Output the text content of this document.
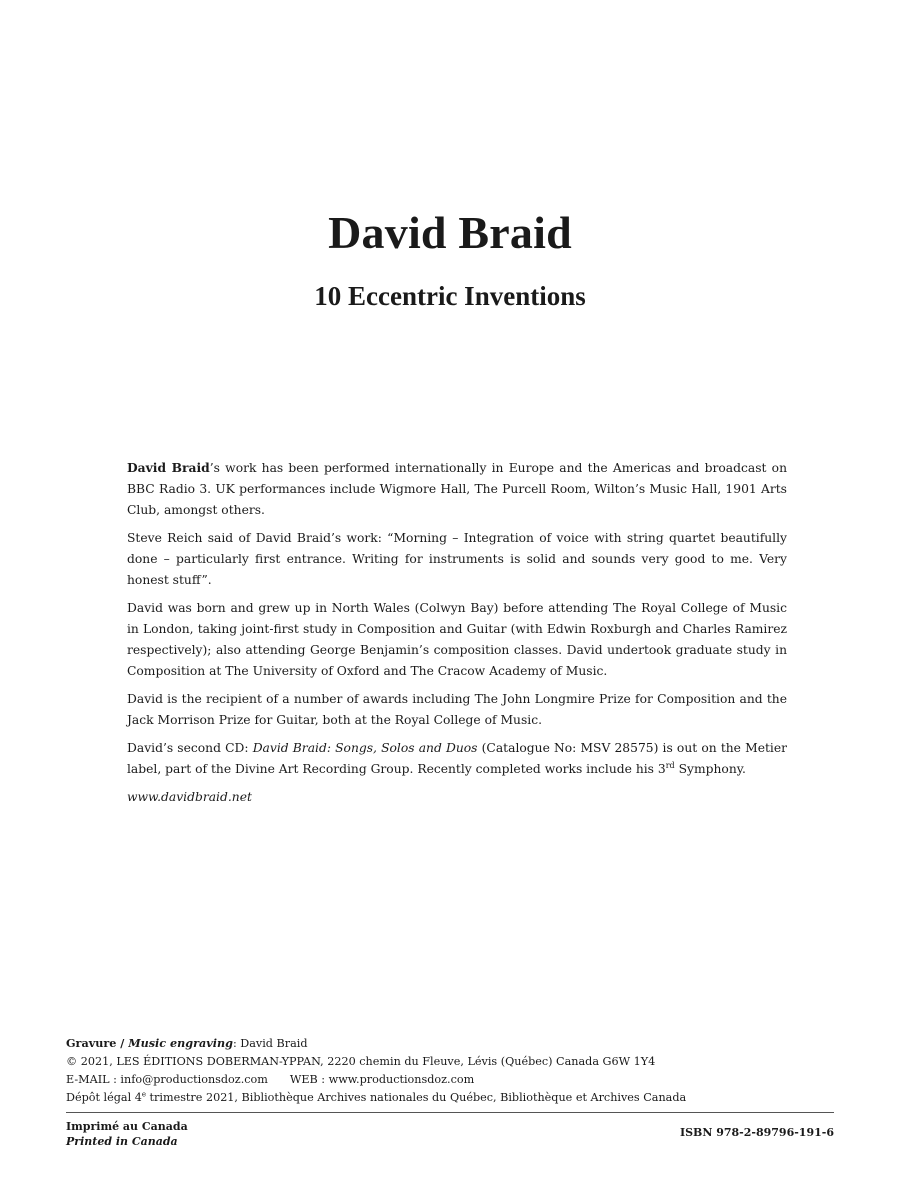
David Braid
10 Eccentric Inventions

David Braid’s work has been performed internationally in Europe and the Americas and broadcast on BBC Radio 3. UK performances include Wigmore Hall, The Purcell Room, Wilton’s Music Hall, 1901 Arts Club, amongst others.

Steve Reich said of David Braid’s work: “Morning – Integration of voice with string quartet beautifully done – particularly first entrance. Writing for instruments is solid and sounds very good to me. Very honest stuff”.

David was born and grew up in North Wales (Colwyn Bay) before attending The Royal College of Music in London, taking joint-first study in Composition and Guitar (with Edwin Roxburgh and Charles Ramirez respectively); also attending George Benjamin’s composition classes. David undertook graduate study in Composition at The University of Oxford and The Cracow Academy of Music.

David is the recipient of a number of awards including The John Longmire Prize for Composition and the Jack Morrison Prize for Guitar, both at the Royal College of Music.

David’s second CD: David Braid: Songs, Solos and Duos (Catalogue No: MSV 28575) is out on the Metier label, part of the Divine Art Recording Group. Recently completed works include his 3rd Symphony.

www.davidbraid.net

Gravure / Music engraving: David Braid
© 2021, LES ÉDITIONS DOBERMAN-YPPAN, 2220 chemin du Fleuve, Lévis (Québec) Canada G6W 1Y4
E-MAIL : info@productionsdoz.com WEB : www.productionsdoz.com
Dépôt légal 4e trimestre 2021, Bibliothèque Archives nationales du Québec, Bibliothèque et Archives Canada
Imprimé au Canada
Printed in Canada
ISBN 978-2-89796-191-6
